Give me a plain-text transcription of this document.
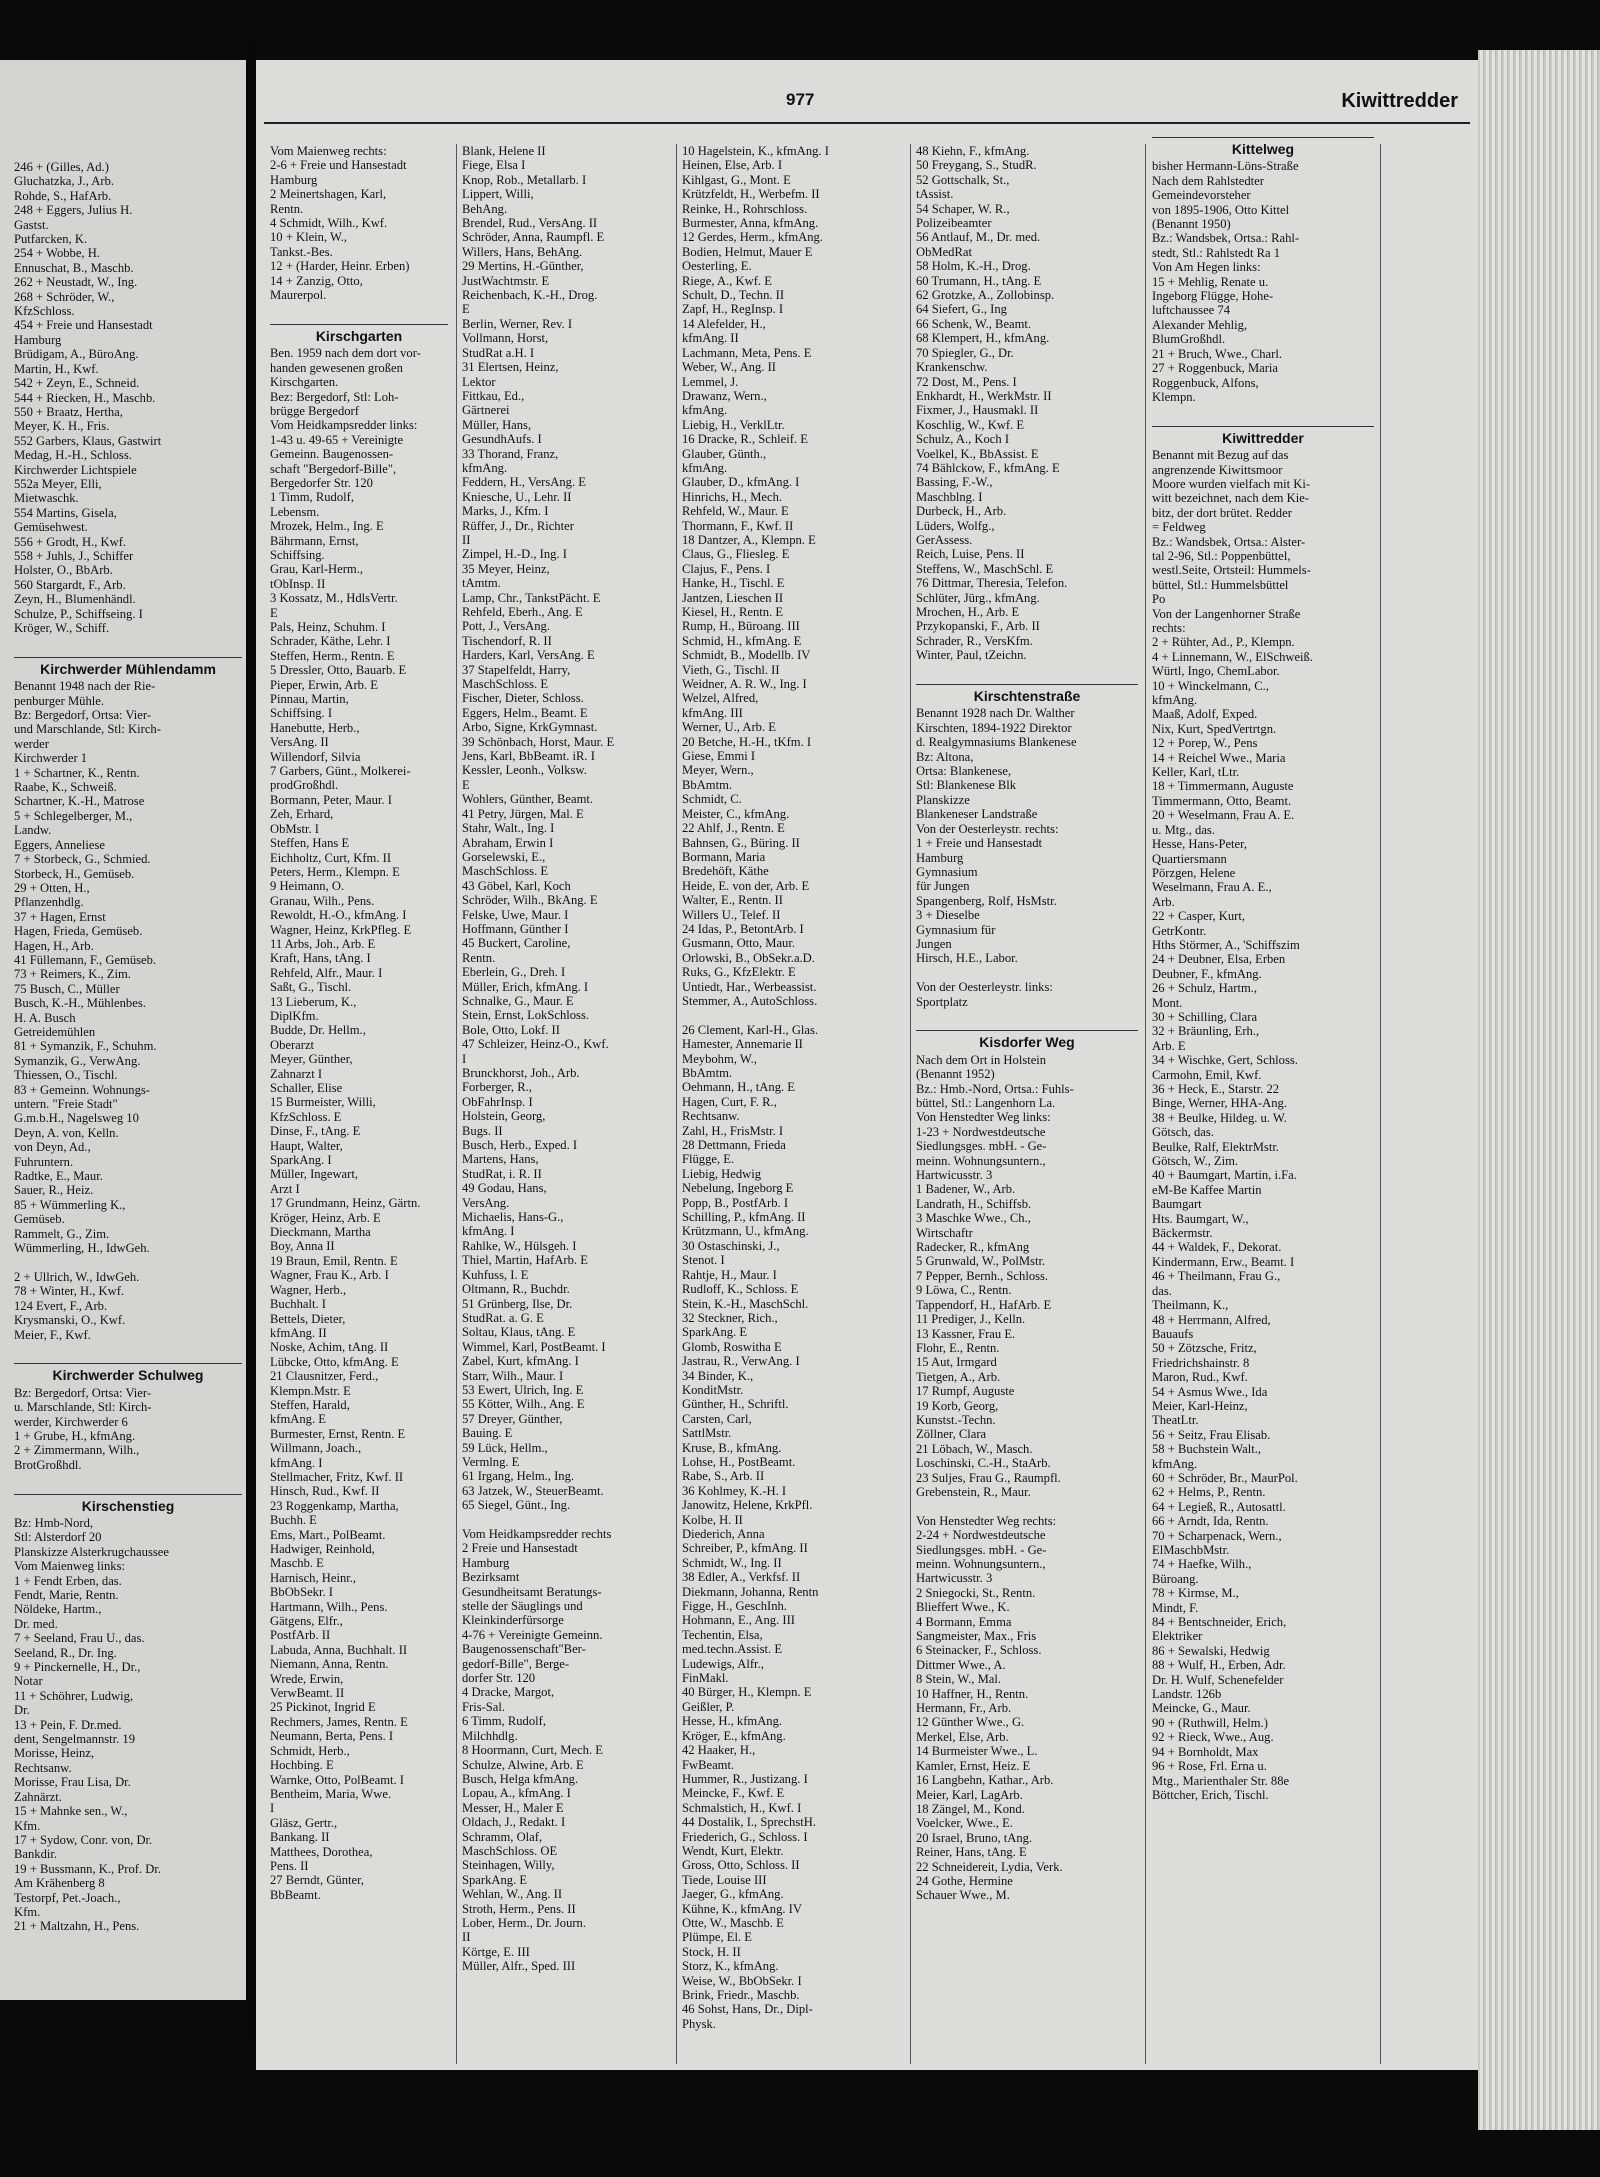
246 + (Gilles, Ad.)
Gluchatzka, J., Arb.
Rohde, S., HafArb.
248 + Eggers, Julius H.
Gastst.
Putfarcken, K.
254 + Wobbe, H.
Ennuschat, B., Maschb.
262 + Neustadt, W., Ing.
268 + Schröder, W.,
KfzSchloss.
454 + Freie und Hansestadt
Hamburg
Brüdigam, A., BüroAng.
Martin, H., Kwf.
542 + Zeyn, E., Schneid.
544 + Riecken, H., Maschb.
550 + Braatz, Hertha,
Meyer, K. H., Fris.
552 Garbers, Klaus, Gastwirt
Medag, H.-H., Schloss.
Kirchwerder Lichtspiele
552a Meyer, Elli,
Mietwaschk.
554 Martins, Gisela,
Gemüsehwest.
556 + Grodt, H., Kwf.
558 + Juhls, J., Schiffer
Holster, O., BbArb.
560 Stargardt, F., Arb.
Zeyn, H., Blumenhändl.
Schulze, P., Schiffseing. I
Kröger, W., Schiff.

Kirchwerder Mühlendamm
Benannt 1948 nach der Rie-
penburger Mühle.
Bz: Bergedorf, Ortsa: Vier-
und Marschlande, Stl: Kirch-
werder
Kirchwerder 1
1 + Schartner, K., Rentn.
Raabe, K., Schweiß.
Schartner, K.-H., Matrose
5 + Schlegelberger, M.,
Landw.
Eggers, Anneliese
7 + Storbeck, G., Schmied.
Storbeck, H., Gemüseb.
29 + Otten, H.,
Pflanzenhdlg.
37 + Hagen, Ernst
Hagen, Frieda, Gemüseb.
Hagen, H., Arb.
41 Füllemann, F., Gemüseb.
73 + Reimers, K., Zim.
75 Busch, C., Müller
Busch, K.-H., Mühlenbes.
H. A. Busch
Getreidemühlen
81 + Symanzik, F., Schuhm.
Symanzik, G., VerwAng.
Thiessen, O., Tischl.
83 + Gemeinn. Wohnungs-
untern. "Freie Stadt"
G.m.b.H., Nagelsweg 10
Deyn, A. von, Kelln.
von Deyn, Ad.,
Fuhruntern.
Radtke, E., Maur.
Sauer, R., Heiz.
85 + Wümmerling K.,
Gemüseb.
Rammelt, G., Zim.
Wümmerling, H., IdwGeh.

2 + Ullrich, W., IdwGeh.
78 + Winter, H., Kwf.
124 Evert, F., Arb.
Krysmanski, O., Kwf.
Meier, F., Kwf.

Kirchwerder Schulweg
Bz: Bergedorf, Ortsa: Vier-
u. Marschlande, Stl: Kirch-
werder, Kirchwerder 6
1 + Grube, H., kfmAng.
2 + Zimmermann, Wilh.,
BrotGroßhdl.

Kirschenstieg
Bz: Hmb-Nord,
Stl: Alsterdorf 20
Planskizze Alsterkrugchaussee
Vom Maienweg links:
1 + Fendt Erben, das.
Fendt, Marie, Rentn.
Nöldeke, Hartm.,
Dr. med.
7 + Seeland, Frau U., das.
Seeland, R., Dr. Ing.
9 + Pinckernelle, H., Dr.,
Notar
11 + Schöhrer, Ludwig,
Dr.
13 + Pein, F. Dr.med.
dent, Sengelmannstr. 19
Morisse, Heinz,
Rechtsanw.
Morisse, Frau Lisa, Dr.
Zahnärzt.
15 + Mahnke sen., W.,
Kfm.
17 + Sydow, Conr. von, Dr.
Bankdir.
19 + Bussmann, K., Prof. Dr.
Am Krähenberg 8
Testorpf, Pet.-Joach.,
Kfm.
21 + Maltzahn, H., Pens.
977	Kiwittredder
Vom Maienweg rechts:
2-6 + Freie und Hansestadt
Hamburg
2 Meinertshagen, Karl,
Rentn.
4 Schmidt, Wilh., Kwf.
10 + Klein, W.,
Tankst.-Bes.
12 + (Harder, Heinr. Erben)
14 + Zanzig, Otto,
Maurerpol.

Kirschgarten
Ben. 1959 nach dem dort vor-
handen gewesenen großen
Kirschgarten.
Bez: Bergedorf, Stl: Loh-
brügge Bergedorf
Vom Heidkampsredder links:
1-43 u. 49-65 + Vereinigte
Gemeinn. Baugenossen-
schaft "Bergedorf-Bille",
Bergedorfer Str. 120
1 Timm, Rudolf,
Lebensm.
Mrozek, Helm., Ing. E
Bährmann, Ernst,
Schiffsing.
Grau, Karl-Herm.,
tObInsp. II
3 Kossatz, M., HdlsVertr.
E
Pals, Heinz, Schuhm. I
Schrader, Käthe, Lehr. I
Steffen, Herm., Rentn. E
5 Dressler, Otto, Bauarb. E
Pieper, Erwin, Arb. E
Pinnau, Martin,
Schiffsing. I
Hanebutte, Herb.,
VersAng. II
Willendorf, Silvia
7 Garbers, Günt., Molkerei-
prodGroßhdl.
Bormann, Peter, Maur. I
Zeh, Erhard,
ObMstr. I
Steffen, Hans E
Eichholtz, Curt, Kfm. II
Peters, Herm., Klempn. E
9 Heimann, O.
Granau, Wilh., Pens.
Rewoldt, H.-O., kfmAng. I
Wagner, Heinz, KrkPfleg. E
11 Arbs, Joh., Arb. E
Kraft, Hans, tAng. I
Rehfeld, Alfr., Maur. I
Saßt, G., Tischl.
13 Lieberum, K.,
DiplKfm.
Budde, Dr. Hellm.,
Oberarzt
Meyer, Günther,
Zahnarzt I
Schaller, Elise
15 Burmeister, Willi,
KfzSchloss. E
Dinse, F., tAng. E
Haupt, Walter,
SparkAng. I
Müller, Ingewart,
Arzt I
17 Grundmann, Heinz, Gärtn.
Kröger, Heinz, Arb. E
Dieckmann, Martha
Boy, Anna II
19 Braun, Emil, Rentn. E
Wagner, Frau K., Arb. I
Wagner, Herb.,
Buchhalt. I
Bettels, Dieter,
kfmAng. II
Noske, Achim, tAng. II
Lübcke, Otto, kfmAng. E
21 Clausnitzer, Ferd.,
Klempn.Mstr. E
Steffen, Harald,
kfmAng. E
Burmester, Ernst, Rentn. E
Willmann, Joach.,
kfmAng. I
Stellmacher, Fritz, Kwf. II
Hinsch, Rud., Kwf. II
23 Roggenkamp, Martha,
Buchh. E
Ems, Mart., PolBeamt.
Hadwiger, Reinhold,
Maschb. E
Harnisch, Heinr.,
BbObSekr. I
Hartmann, Wilh., Pens.
Gätgens, Elfr.,
PostfArb. II
Labuda, Anna, Buchhalt. II
Niemann, Anna, Rentn.
Wrede, Erwin,
VerwBeamt. II
25 Pickinot, Ingrid E
Rechmers, James, Rentn. E
Neumann, Berta, Pens. I
Schmidt, Herb.,
Hochbing. E
Warnke, Otto, PolBeamt. I
Bentheim, Maria, Wwe.
I
Gläsz, Gertr.,
Bankang. II
Matthees, Dorothea,
Pens. II
27 Berndt, Günter,
BbBeamt.
Blank, Helene II
Fiege, Elsa I
Knop, Rob., Metallarb. I
Lippert, Willi,
BehAng.
Brendel, Rud., VersAng. II
Schröder, Anna, Raumpfl. E
Willers, Hans, BehAng.
29 Mertins, H.-Günther,
JustWachtmstr. E
Reichenbach, K.-H., Drog.
E
Berlin, Werner, Rev. I
Vollmann, Horst,
StudRat a.H. I
31 Elertsen, Heinz,
Lektor
Fittkau, Ed.,
Gärtnerei
Müller, Hans,
GesundhAufs. I
33 Thorand, Franz,
kfmAng.
Feddern, H., VersAng. E
Kniesche, U., Lehr. II
Marks, J., Kfm. I
Rüffer, J., Dr., Richter
II
Zimpel, H.-D., Ing. I
35 Meyer, Heinz,
tAmtm.
Lamp, Chr., TankstPächt. E
Rehfeld, Eberh., Ang. E
Pott, J., VersAng.
Tischendorf, R. II
Harders, Karl, VersAng. E
37 Stapelfeldt, Harry,
MaschSchloss. E
Fischer, Dieter, Schloss.
Eggers, Helm., Beamt. E
Arbo, Signe, KrkGymnast.
39 Schönbach, Horst, Maur. E
Jens, Karl, BbBeamt. iR. I
Kessler, Leonh., Volksw.
E
Wohlers, Günther, Beamt.
41 Petry, Jürgen, Mal. E
Stahr, Walt., Ing. I
Abraham, Erwin I
Gorselewski, E.,
MaschSchloss. E
43 Göbel, Karl, Koch
Schröder, Wilh., BkAng. E
Felske, Uwe, Maur. I
Hoffmann, Günther I
45 Buckert, Caroline,
Rentn.
Eberlein, G., Dreh. I
Müller, Erich, kfmAng. I
Schnalke, G., Maur. E
Stein, Ernst, LokSchloss.
Bole, Otto, Lokf. II
47 Schleizer, Heinz-O., Kwf.
I
Brunckhorst, Joh., Arb.
Forberger, R.,
ObFahrInsp. I
Holstein, Georg,
Bugs. II
Busch, Herb., Exped. I
Martens, Hans,
StudRat, i. R. II
49 Godau, Hans,
VersAng.
Michaelis, Hans-G.,
kfmAng. I
Rahlke, W., Hülsgeh. I
Thiel, Martin, HafArb. E
Kuhfuss, I. E
Oltmann, R., Buchdr.
51 Grünberg, Ilse, Dr.
StudRat. a. G. E
Soltau, Klaus, tAng. E
Wimmel, Karl, PostBeamt. I
Zabel, Kurt, kfmAng. I
Starr, Wilh., Maur. I
53 Ewert, Ulrich, Ing. E
55 Kötter, Wilh., Ang. E
57 Dreyer, Günther,
Bauing. E
59 Lück, Hellm.,
Vermlng. E
61 Irgang, Helm., Ing.
63 Jatzek, W., SteuerBeamt.
65 Siegel, Günt., Ing.

Vom Heidkampsredder rechts
2 Freie und Hansestadt
Hamburg
Bezirksamt
Gesundheitsamt Beratungs-
stelle der Säuglings und
Kleinkinderfürsorge
4-76 + Vereinigte Gemeinn.
Baugenossenschaft"Ber-
gedorf-Bille", Berge-
dorfer Str. 120
4 Dracke, Margot,
Fris-Sal.
6 Timm, Rudolf,
Milchhdlg.
8 Hoormann, Curt, Mech. E
Schulze, Alwine, Arb. E
Busch, Helga kfmAng.
Lopau, A., kfmAng. I
Messer, H., Maler E
Oldach, J., Redakt. I
Schramm, Olaf,
MaschSchloss. OE
Steinhagen, Willy,
SparkAng. E
Wehlan, W., Ang. II
Stroth, Herm., Pens. II
Lober, Herm., Dr. Journ.
II
Körtge, E. III
Müller, Alfr., Sped. III
10 Hagelstein, K., kfmAng. I
Heinen, Else, Arb. I
Kihlgast, G., Mont. E
Krützfeldt, H., Werbefm. II
Reinke, H., Rohrschloss.
Burmester, Anna, kfmAng.
12 Gerdes, Herm., kfmAng.
Bodien, Helmut, Mauer E
Oesterling, E.
Riege, A., Kwf. E
Schult, D., Techn. II
Zapf, H., RegInsp. I
14 Alefelder, H.,
kfmAng. II
Lachmann, Meta, Pens. E
Weber, W., Ang. II
Lemmel, J.
Drawanz, Wern.,
kfmAng.
Liebig, H., VerklLtr.
16 Dracke, R., Schleif. E
Glauber, Günth.,
kfmAng.
Glauber, D., kfmAng. I
Hinrichs, H., Mech.
Rehfeld, W., Maur. E
Thormann, F., Kwf. II
18 Dantzer, A., Klempn. E
Claus, G., Fliesleg. E
Clajus, F., Pens. I
Hanke, H., Tischl. E
Jantzen, Lieschen II
Kiesel, H., Rentn. E
Rump, H., Büroang. III
Schmid, H., kfmAng. E
Schmidt, B., Modellb. IV
Vieth, G., Tischl. II
Weidner, A. R. W., Ing. I
Welzel, Alfred,
kfmAng. III
Werner, U., Arb. E
20 Betche, H.-H., tKfm. I
Giese, Emmi I
Meyer, Wern.,
BbAmtm.
Schmidt, C.
Meister, C., kfmAng.
22 Ahlf, J., Rentn. E
Bahnsen, G., Büring. II
Bormann, Maria
Bredehöft, Käthe
Heide, E. von der, Arb. E
Walter, E., Rentn. II
Willers U., Telef. II
24 Idas, P., BetontArb. I
Gusmann, Otto, Maur.
Orlowski, B., ObSekr.a.D.
Ruks, G., KfzElektr. E
Untiedt, Har., Werbeassist.
Stemmer, A., AutoSchloss.

26 Clement, Karl-H., Glas.
Hamester, Annemarie II
Meybohm, W.,
BbAmtm.
Oehmann, H., tAng. E
Hagen, Curt, F. R.,
Rechtsanw.
Zahl, H., FrisMstr. I
28 Dettmann, Frieda
Flügge, E.
Liebig, Hedwig
Nebelung, Ingeborg E
Popp, B., PostfArb. I
Schilling, P., kfmAng. II
Krützmann, U., kfmAng.
30 Ostaschinski, J.,
Stenot. I
Rahtje, H., Maur. I
Rudloff, K., Schloss. E
Stein, K.-H., MaschSchl.
32 Steckner, Rich.,
SparkAng. E
Glomb, Roswitha E
Jastrau, R., VerwAng. I
34 Binder, K.,
KonditMstr.
Günther, H., Schriftl.
Carsten, Carl,
SattlMstr.
Kruse, B., kfmAng.
Lohse, H., PostBeamt.
Rabe, S., Arb. II
36 Kohlmey, K.-H. I
Janowitz, Helene, KrkPfl.
Kolbe, H. II
Diederich, Anna
Schreiber, P., kfmAng. II
Schmidt, W., Ing. II
38 Edler, A., Verkfsf. II
Diekmann, Johanna, Rentn
Figge, H., GeschInh.
Hohmann, E., Ang. III
Techentin, Elsa,
med.techn.Assist. E
Ludewigs, Alfr.,
FinMakl.
40 Bürger, H., Klempn. E
Geißler, P.
Hesse, H., kfmAng.
Kröger, E., kfmAng.
42 Haaker, H.,
FwBeamt.
Hummer, R., Justizang. I
Meincke, F., Kwf. E
Schmalstich, H., Kwf. I
44 Dostalik, I., SprechstH.
Friederich, G., Schloss. I
Wendt, Kurt, Elektr.
Gross, Otto, Schloss. II
Tiede, Louise III
Jaeger, G., kfmAng.
Kühne, K., kfmAng. IV
Otte, W., Maschb. E
Plümpe, El. E
Stock, H. II
Storz, K., kfmAng.
Weise, W., BbObSekr. I
Brink, Friedr., Maschb.
46 Sohst, Hans, Dr., Dipl-
Physk.
48 Kiehn, F., kfmAng.
50 Freygang, S., StudR.
52 Gottschalk, St.,
tAssist.
54 Schaper, W. R.,
Polizeibeamter
56 Antlauf, M., Dr. med.
ObMedRat
58 Holm, K.-H., Drog.
60 Trumann, H., tAng. E
62 Grotzke, A., Zollobinsp.
64 Siefert, G., Ing
66 Schenk, W., Beamt.
68 Klempert, H., kfmAng.
70 Spiegler, G., Dr.
Krankenschw.
72 Dost, M., Pens. I
Enkhardt, H., WerkMstr. II
Fixmer, J., Hausmakl. II
Koschlig, W., Kwf. E
Schulz, A., Koch I
Voelkel, K., BbAssist. E
74 Bählckow, F., kfmAng. E
Bassing, F.-W.,
Maschblng. I
Durbeck, H., Arb.
Lüders, Wolfg.,
GerAssess.
Reich, Luise, Pens. II
Steffens, W., MaschSchl. E
76 Dittmar, Theresia, Telefon.
Schlüter, Jürg., kfmAng.
Mrochen, H., Arb. E
Przykopanski, F., Arb. II
Schrader, R., VersKfm.
Winter, Paul, tZeichn.

Kirschtenstraße
Benannt 1928 nach Dr. Walther
Kirschten, 1894-1922 Direktor
d. Realgymnasiums Blankenese
Bz: Altona,
Ortsa: Blankenese,
Stl: Blankenese Blk
Planskizze
Blankeneser Landstraße
Von der Oesterleystr. rechts:
1 + Freie und Hansestadt
Hamburg
Gymnasium
für Jungen
Spangenberg, Rolf, HsMstr.
3 + Dieselbe
Gymnasium für
Jungen
Hirsch, H.E., Labor.

Von der Oesterleystr. links:
Sportplatz

Kisdorfer Weg
Nach dem Ort in Holstein
(Benannt 1952)
Bz.: Hmb.-Nord, Ortsa.: Fuhls-
büttel, Stl.: Langenhorn La.
Von Henstedter Weg links:
1-23 + Nordwestdeutsche
Siedlungsges. mbH. - Ge-
meinn. Wohnungsuntern.,
Hartwicusstr. 3
1 Badener, W., Arb.
Landrath, H., Schiffsb.
3 Maschke Wwe., Ch.,
Wirtschaftr
Radecker, R., kfmAng
5 Grunwald, W., PolMstr.
7 Pepper, Bernh., Schloss.
9 Löwa, C., Rentn.
Tappendorf, H., HafArb. E
11 Prediger, J., Kelln.
13 Kassner, Frau E.
Flohr, E., Rentn.
15 Aut, Irmgard
Tietgen, A., Arb.
17 Rumpf, Auguste
19 Korb, Georg,
Kunstst.-Techn.
Zöllner, Clara
21 Löbach, W., Masch.
Loschinski, C.-H., StaArb.
23 Suljes, Frau G., Raumpfl.
Grebenstein, R., Maur.

Von Henstedter Weg rechts:
2-24 + Nordwestdeutsche
Siedlungsges. mbH. - Ge-
meinn. Wohnungsuntern.,
Hartwicusstr. 3
2 Sniegocki, St., Rentn.
Blieffert Wwe., K.
4 Bormann, Emma
Sangmeister, Max., Fris
6 Steinacker, F., Schloss.
Dittmer Wwe., A.
8 Stein, W., Mal.
10 Haffner, H., Rentn.
Hermann, Fr., Arb.
12 Günther Wwe., G.
Merkel, Else, Arb.
14 Burmeister Wwe., L.
Kamler, Ernst, Heiz. E
16 Langbehn, Kathar., Arb.
Meier, Karl, LagArb.
18 Zängel, M., Kond.
Voelcker, Wwe., E.
20 Israel, Bruno, tAng.
Reiner, Hans, tAng. E
22 Schneidereit, Lydia, Verk.
24 Gothe, Hermine
Schauer Wwe., M.
Kittelweg
bisher Hermann-Löns-Straße
Nach dem Rahlstedter
Gemeindevorsteher
von 1895-1906, Otto Kittel
(Benannt 1950)
Bz.: Wandsbek, Ortsa.: Rahl-
stedt, Stl.: Rahlstedt Ra 1
Von Am Hegen links:
15 + Mehlig, Renate u.
Ingeborg Flügge, Hohe-
luftchaussee 74
Alexander Mehlig,
BlumGroßhdl.
21 + Bruch, Wwe., Charl.
27 + Roggenbuck, Maria
Roggenbuck, Alfons,
Klempn.

Kiwittredder
Benannt mit Bezug auf das
angrenzende Kiwittsmoor
Moore wurden vielfach mit Ki-
witt bezeichnet, nach dem Kie-
bitz, der dort brütet. Redder
= Feldweg
Bz.: Wandsbek, Ortsa.: Alster-
tal 2-96, Stl.: Poppenbüttel,
westl.Seite, Ortsteil: Hummels-
büttel, Stl.: Hummelsbüttel
Po
Von der Langenhorner Straße
rechts:
2 + Rühter, Ad., P., Klempn.
4 + Linnemann, W., ElSchweiß.
Würtl, Ingo, ChemLabor.
10 + Winckelmann, C.,
kfmAng.
Maaß, Adolf, Exped.
Nix, Kurt, SpedVertrtgn.
12 + Porep, W., Pens
14 + Reichel Wwe., Maria
Keller, Karl, tLtr.
18 + Timmermann, Auguste
Timmermann, Otto, Beamt.
20 + Weselmann, Frau A. E.
u. Mtg., das.
Hesse, Hans-Peter,
Quartiersmann
Pörzgen, Helene
Weselmann, Frau A. E.,
Arb.
22 + Casper, Kurt,
GetrKontr.
Hths Störmer, A., 'Schiffszim
24 + Deubner, Elsa, Erben
Deubner, F., kfmAng.
26 + Schulz, Hartm.,
Mont.
30 + Schilling, Clara
32 + Bräunling, Erh.,
Arb. E
34 + Wischke, Gert, Schloss.
Carmohn, Emil, Kwf.
36 + Heck, E., Starstr. 22
Binge, Werner, HHA-Ang.
38 + Beulke, Hildeg. u. W.
Götsch, das.
Beulke, Ralf, ElektrMstr.
Götsch, W., Zim.
40 + Baumgart, Martin, i.Fa.
eM-Be Kaffee Martin
Baumgart
Hts. Baumgart, W.,
Bäckermstr.
44 + Waldek, F., Dekorat.
Kindermann, Erw., Beamt. I
46 + Theilmann, Frau G.,
das.
Theilmann, K.,
48 + Herrmann, Alfred,
Bauaufs
50 + Zötzsche, Fritz,
Friedrichshainstr. 8
Maron, Rud., Kwf.
54 + Asmus Wwe., Ida
Meier, Karl-Heinz,
TheatLtr.
56 + Seitz, Frau Elisab.
58 + Buchstein Walt.,
kfmAng.
60 + Schröder, Br., MaurPol.
62 + Helms, P., Rentn.
64 + Legieß, R., Autosattl.
66 + Arndt, Ida, Rentn.
70 + Scharpenack, Wern.,
ElMaschbMstr.
74 + Haefke, Wilh.,
Büroang.
78 + Kirmse, M.,
Mindt, F.
84 + Bentschneider, Erich,
Elektriker
86 + Sewalski, Hedwig
88 + Wulf, H., Erben, Adr.
Dr. H. Wulf, Schenefelder
Landstr. 126b
Meincke, G., Maur.
90 + (Ruthwill, Helm.)
92 + Rieck, Wwe., Aug.
94 + Bornholdt, Max
96 + Rose, Frl. Erna u.
Mtg., Marienthaler Str. 88e
Böttcher, Erich, Tischl.
